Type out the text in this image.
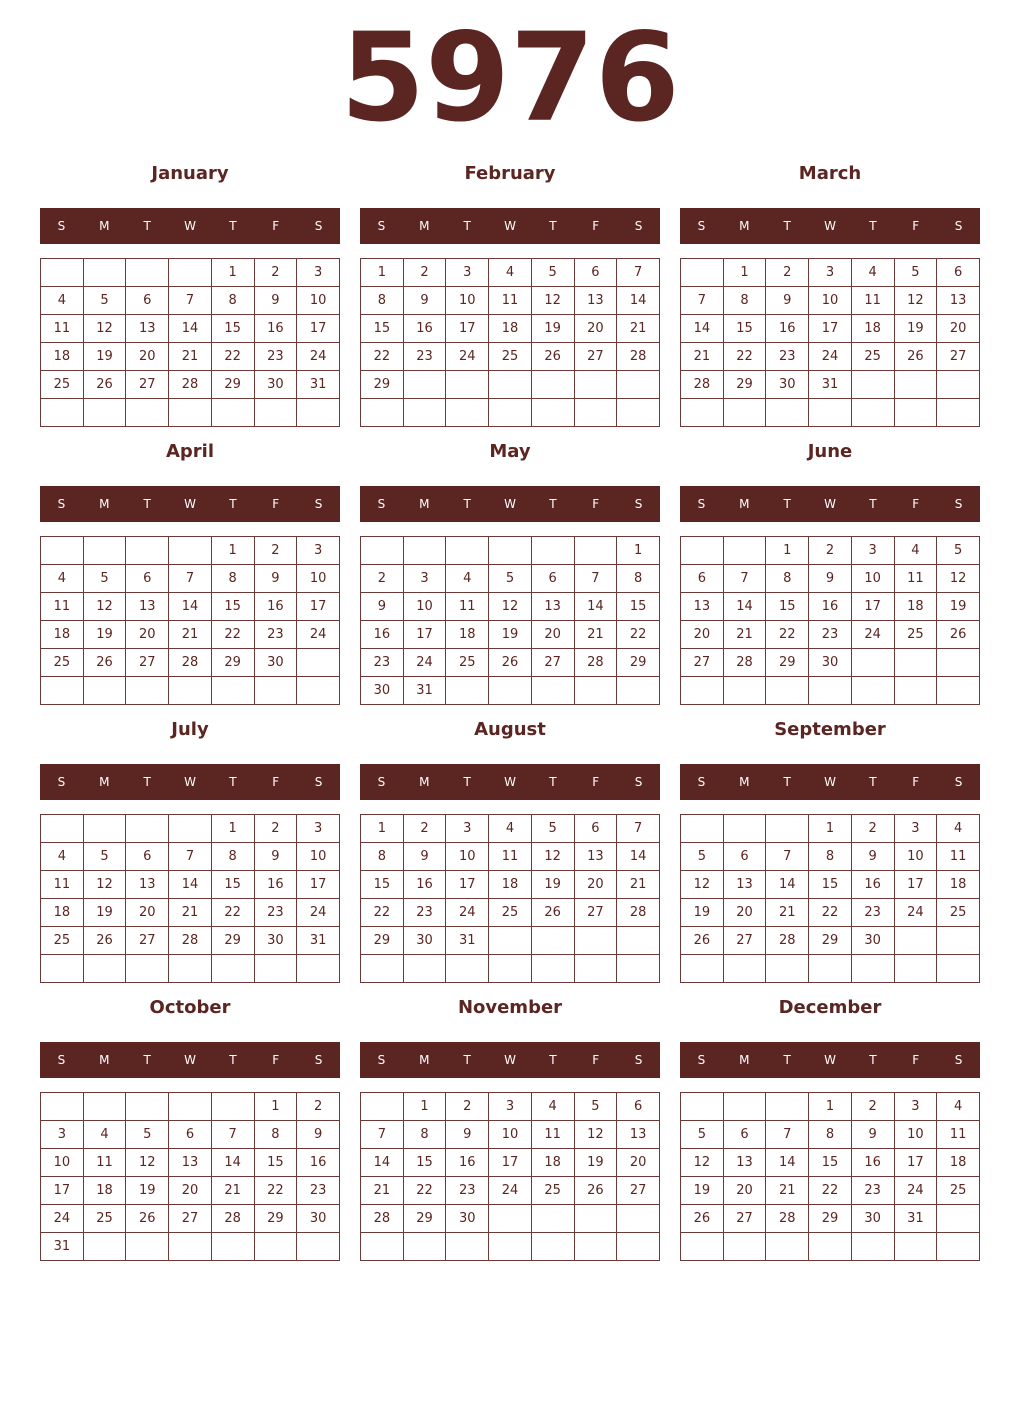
5976
January
S	M	T	W	T	F	S
				1	2	3
4	5	6	7	8	9	10
11	12	13	14	15	16	17
18	19	20	21	22	23	24
25	26	27	28	29	30	31

February
S	M	T	W	T	F	S
1	2	3	4	5	6	7
8	9	10	11	12	13	14
15	16	17	18	19	20	21
22	23	24	25	26	27	28
29						

March
S	M	T	W	T	F	S
	1	2	3	4	5	6
7	8	9	10	11	12	13
14	15	16	17	18	19	20
21	22	23	24	25	26	27
28	29	30	31			

April
S	M	T	W	T	F	S
				1	2	3
4	5	6	7	8	9	10
11	12	13	14	15	16	17
18	19	20	21	22	23	24
25	26	27	28	29	30	

May
S	M	T	W	T	F	S
						1
2	3	4	5	6	7	8
9	10	11	12	13	14	15
16	17	18	19	20	21	22
23	24	25	26	27	28	29
30	31					
June
S	M	T	W	T	F	S
		1	2	3	4	5
6	7	8	9	10	11	12
13	14	15	16	17	18	19
20	21	22	23	24	25	26
27	28	29	30			

July
S	M	T	W	T	F	S
				1	2	3
4	5	6	7	8	9	10
11	12	13	14	15	16	17
18	19	20	21	22	23	24
25	26	27	28	29	30	31

August
S	M	T	W	T	F	S
1	2	3	4	5	6	7
8	9	10	11	12	13	14
15	16	17	18	19	20	21
22	23	24	25	26	27	28
29	30	31				

September
S	M	T	W	T	F	S
			1	2	3	4
5	6	7	8	9	10	11
12	13	14	15	16	17	18
19	20	21	22	23	24	25
26	27	28	29	30		

October
S	M	T	W	T	F	S
					1	2
3	4	5	6	7	8	9
10	11	12	13	14	15	16
17	18	19	20	21	22	23
24	25	26	27	28	29	30
31						
November
S	M	T	W	T	F	S
	1	2	3	4	5	6
7	8	9	10	11	12	13
14	15	16	17	18	19	20
21	22	23	24	25	26	27
28	29	30				

December
S	M	T	W	T	F	S
			1	2	3	4
5	6	7	8	9	10	11
12	13	14	15	16	17	18
19	20	21	22	23	24	25
26	27	28	29	30	31	
